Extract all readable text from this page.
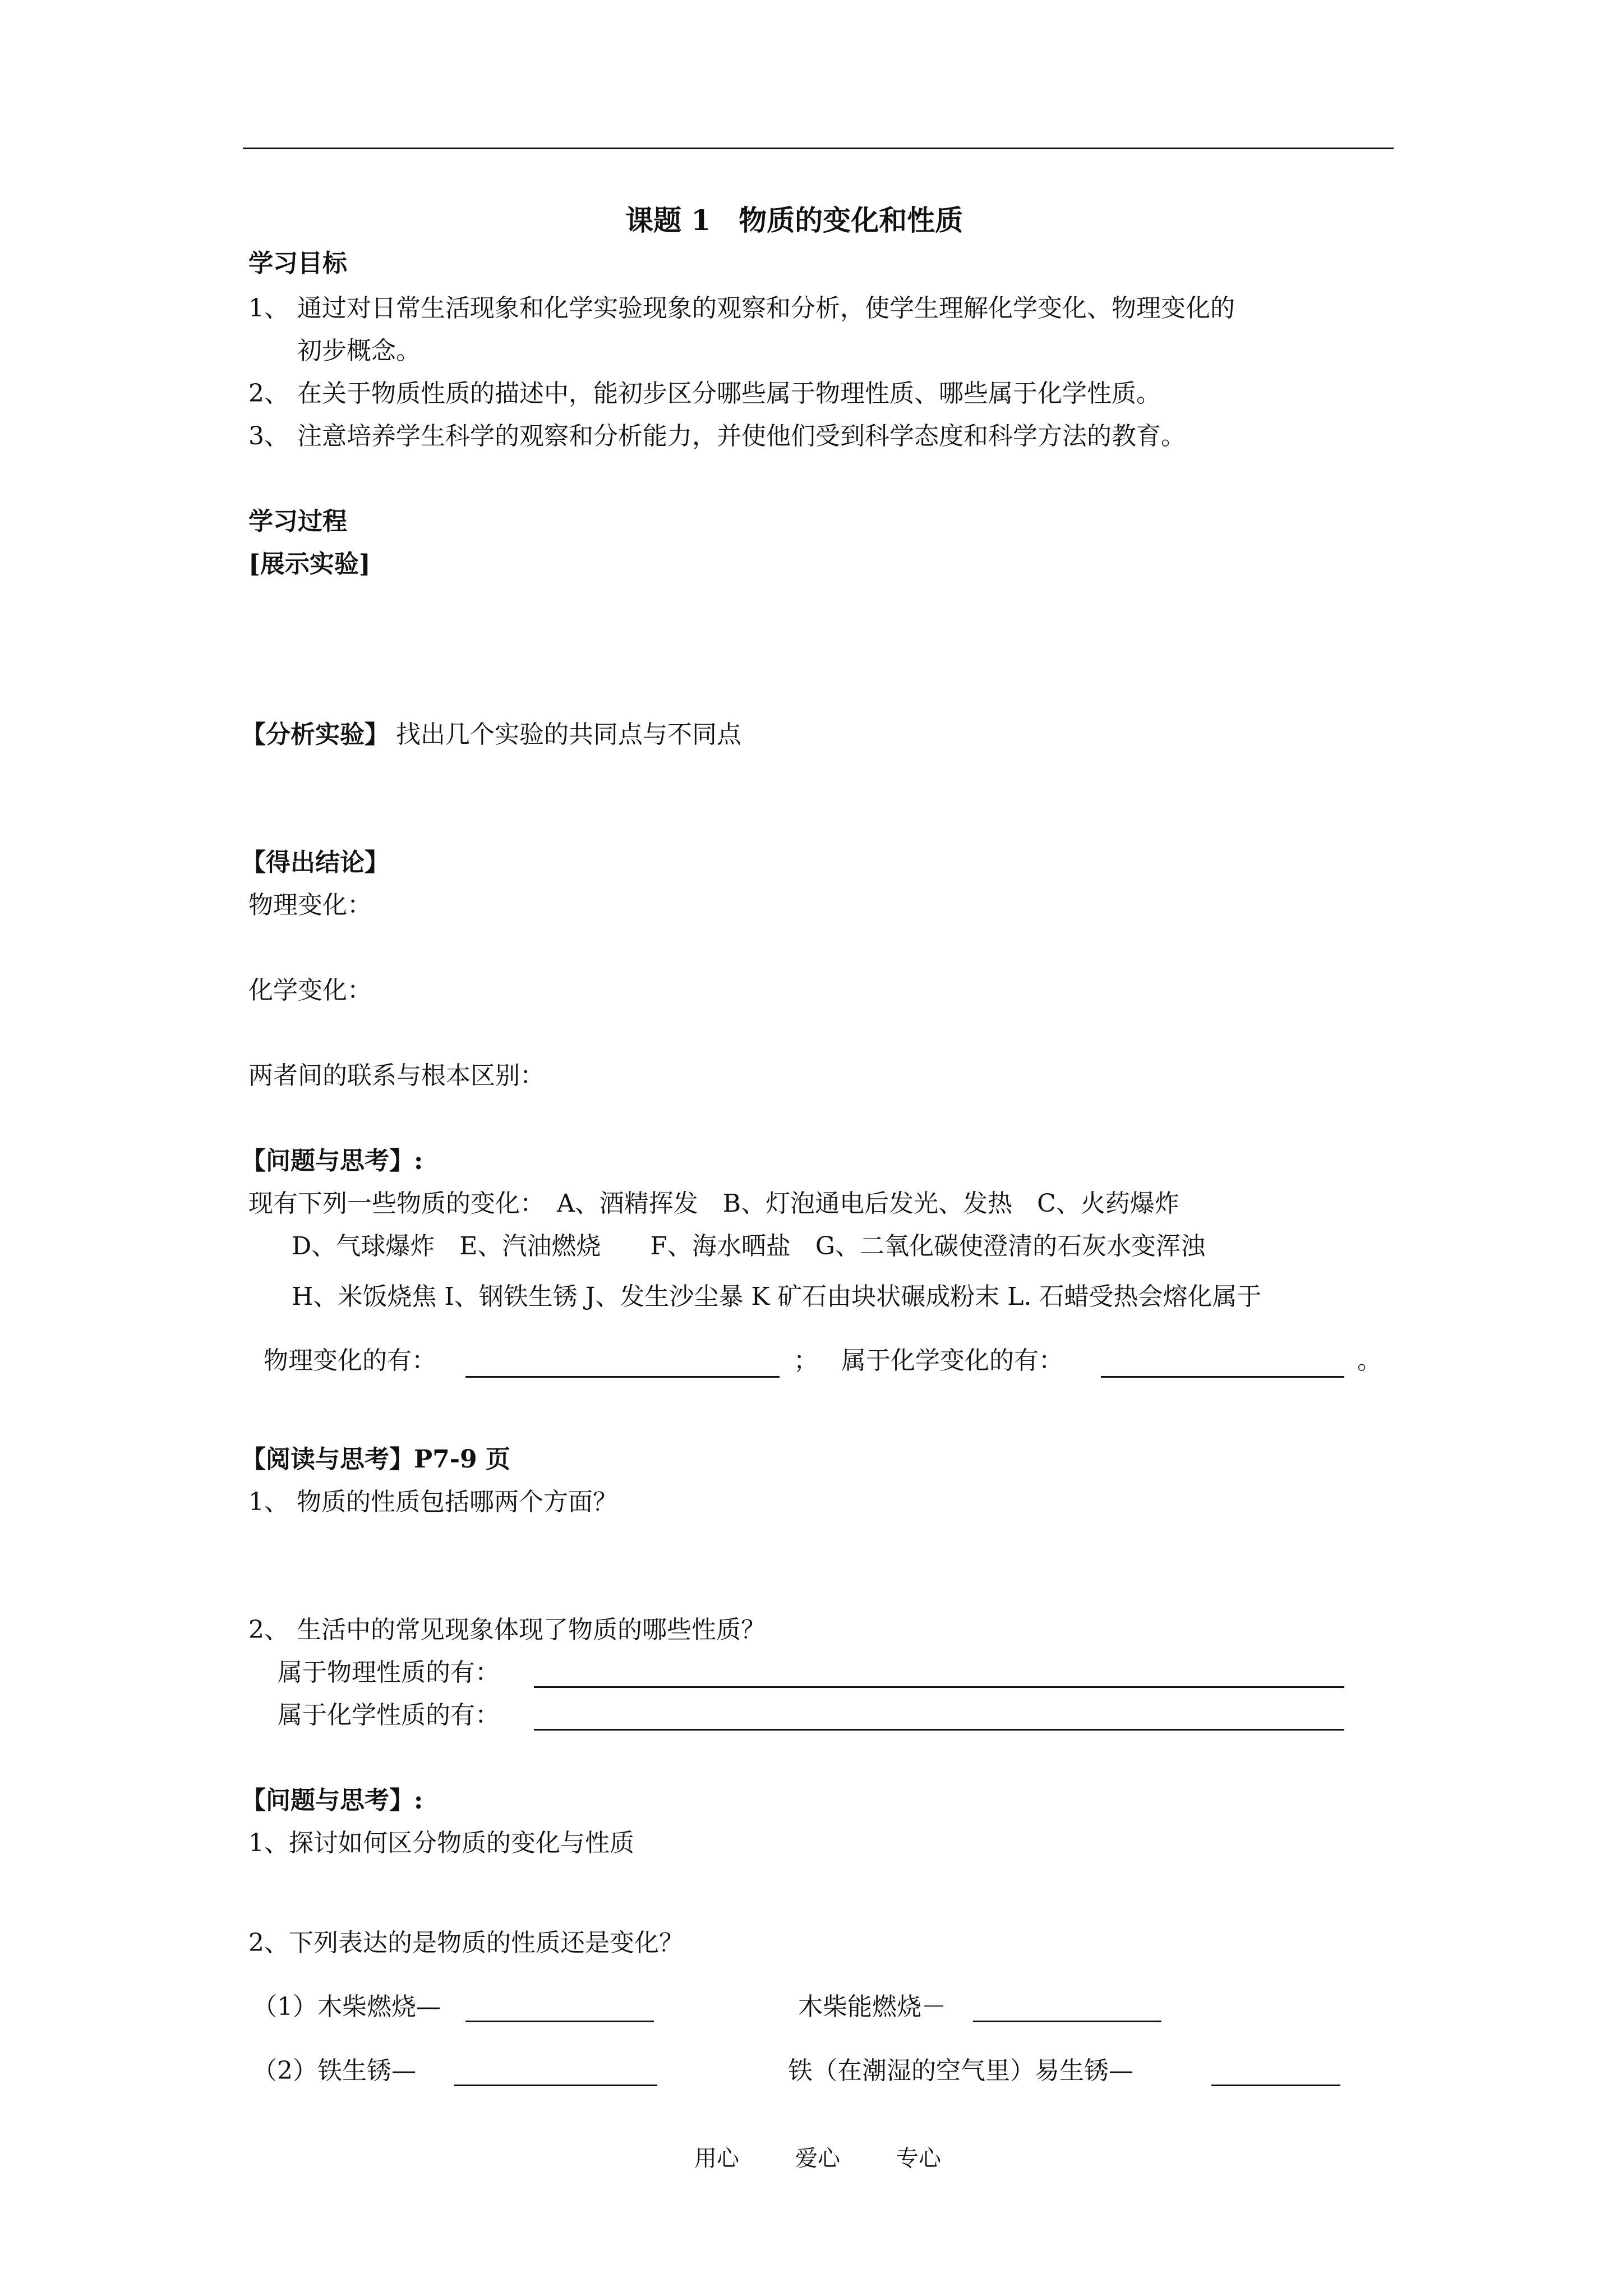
课题 1　物质的变化和性质
学习目标
1、 通过对日常生活现象和化学实验现象的观察和分析，使学生理解化学变化、物理变化的
初步概念。
2、 在关于物质性质的描述中，能初步区分哪些属于物理性质、哪些属于化学性质。
3、 注意培养学生科学的观察和分析能力，并使他们受到科学态度和科学方法的教育。
学习过程
[展示实验]
【分析实验】 找出几个实验的共同点与不同点
【得出结论】
物理变化：
化学变化：
两者间的联系与根本区别：
【问题与思考】:
现有下列一些物质的变化：　A、酒精挥发　B、灯泡通电后发光、发热　C、火药爆炸
D、气球爆炸　E、汽油燃烧　　F、海水晒盐　G、二氧化碳使澄清的石灰水变浑浊
H、米饭烧焦 I、钢铁生锈 J、发生沙尘暴 K 矿石由块状碾成粉末 L. 石蜡受热会熔化属于
物理变化的有：	； 属于化学变化的有：	。
【阅读与思考】P7-9 页
1、 物质的性质包括哪两个方面？
2、 生活中的常见现象体现了物质的哪些性质？
属于物理性质的有：
属于化学性质的有：
【问题与思考】:
1、探讨如何区分物质的变化与性质
2、下列表达的是物质的性质还是变化？
（1）木柴燃烧—	木柴能燃烧－
（2）铁生锈—	铁（在潮湿的空气里）易生锈—
用心	爱心	专心
